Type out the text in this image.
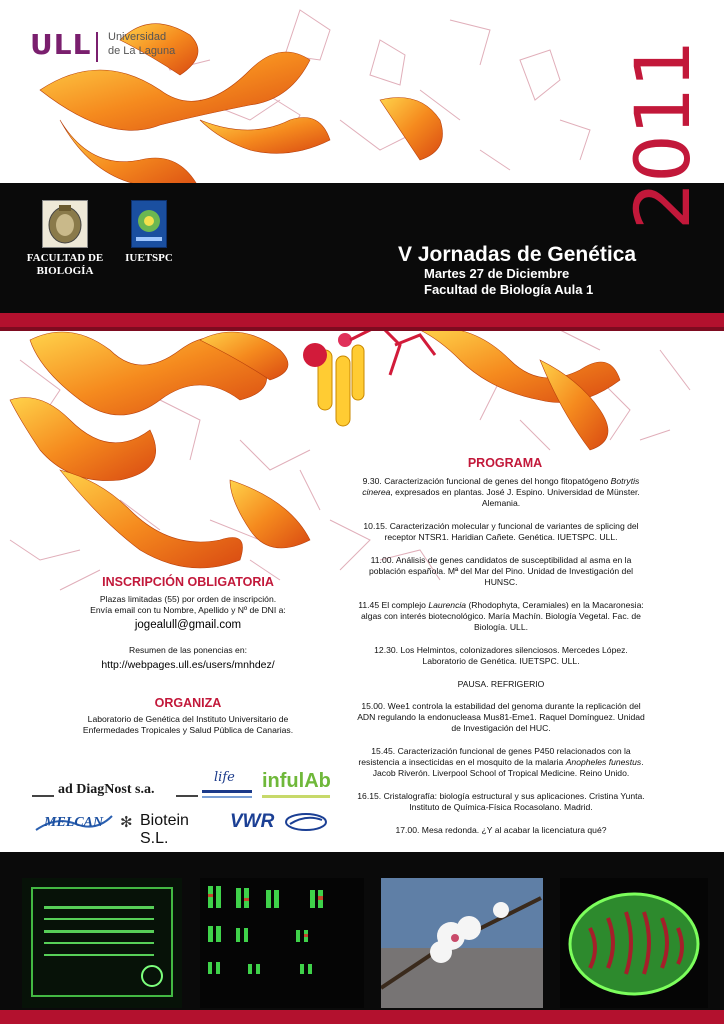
ULL Universidad
de La Laguna	2011
FACULTAD DE BIOLOGÍA
IUETSPC	V Jornadas de Genética
Martes 27 de Diciembre
Facultad de Biología Aula 1
PROGRAMA
9.30. Caracterización funcional de genes del hongo fitopatógeno Botrytis cinerea, expresados en plantas. José J. Espino. Universidad de Münster. Alemania.
10.15. Caracterización molecular y funcional de variantes de splicing del receptor NTSR1. Haridian Cañete. Genética. IUETSPC. ULL.
11.00. Análisis de genes candidatos de susceptibilidad al asma en la población española. Mª del Mar del Pino. Unidad de Investigación del HUNSC.
11.45 El complejo Laurencia (Rhodophyta, Ceramiales) en la Macaronesia: algas con interés biotecnológico. María Machín. Biología Vegetal. Fac. de Biología. ULL.
12.30. Los Helmintos, colonizadores silenciosos. Mercedes López. Laboratorio de Genética. IUETSPC. ULL.
PAUSA. REFRIGERIO
15.00. Wee1 controla la estabilidad del genoma durante la replicación del ADN regulando la endonucleasa Mus81-Eme1. Raquel Domínguez. Unidad de Investigación del HUC.
15.45. Caracterización funcional de genes P450 relacionados con la resistencia a insecticidas en el mosquito de la malaria Anopheles funestus. Jacob Riverón. Liverpool School of Tropical Medicine. Reino Unido.
16.15. Cristalografía: biología estructural y sus aplicaciones. Cristina Yunta. Instituto de Química-Física Rocasolano. Madrid.
17.00. Mesa redonda. ¿Y al acabar la licenciatura qué?
INSCRIPCIÓN OBLIGATORIA
Plazas limitadas (55) por orden de inscripción.
Envía email con tu Nombre, Apellido y Nº de DNI a:
jogealull@gmail.com
Resumen de las ponencias en:
http://webpages.ull.es/users/mnhdez/
ORGANIZA
Laboratorio de Genética del Instituto Universitario de
Enfermedades Tropicales y Salud Pública de Canarias.
ad DiagNost s.a.
life infulAb
MELCAN ✻ Biotein S.L.
VWR
